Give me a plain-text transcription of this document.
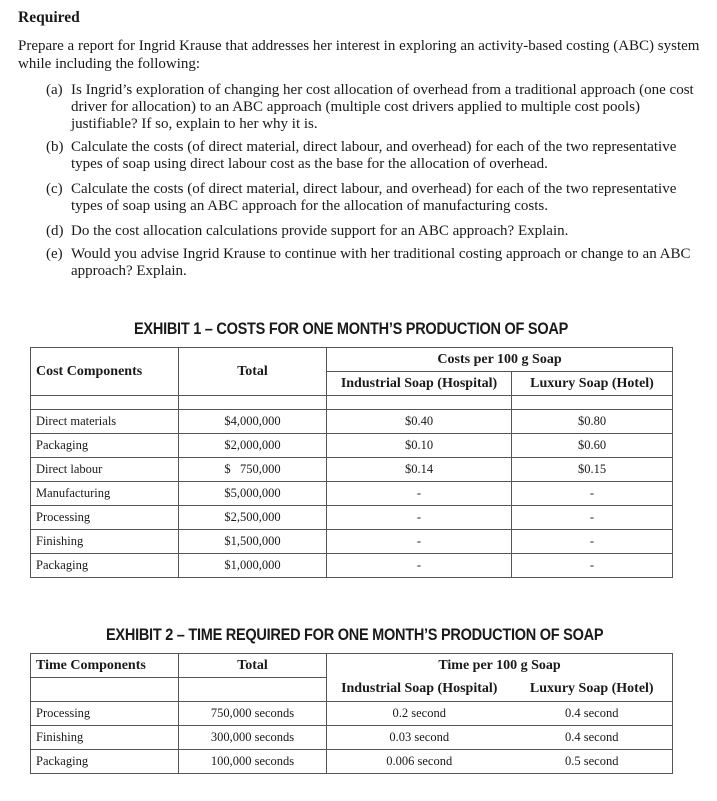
Required
Prepare a report for Ingrid Krause that addresses her interest in exploring an activity-based costing (ABC) system while including the following:
(a) Is Ingrid’s exploration of changing her cost allocation of overhead from a traditional approach (one cost driver for allocation) to an ABC approach (multiple cost drivers applied to multiple cost pools) justifiable? If so, explain to her why it is.
(b) Calculate the costs (of direct material, direct labour, and overhead) for each of the two representative types of soap using direct labour cost as the base for the allocation of overhead.
(c) Calculate the costs (of direct material, direct labour, and overhead) for each of the two representative types of soap using an ABC approach for the allocation of manufacturing costs.
(d) Do the cost allocation calculations provide support for an ABC approach? Explain.
(e) Would you advise Ingrid Krause to continue with her traditional costing approach or change to an ABC approach? Explain.
EXHIBIT 1 – COSTS FOR ONE MONTH’S PRODUCTION OF SOAP
Cost Components	Total	Costs per 100 g Soap	
		Industrial Soap (Hospital)	Luxury Soap (Hotel)

Direct materials	$4,000,000	$0.40	$0.80
Packaging	$2,000,000	$0.10	$0.60
Direct labour	$   750,000	$0.14	$0.15
Manufacturing	$5,000,000	-	-
Processing	$2,500,000	-	-
Finishing	$1,500,000	-	-
Packaging	$1,000,000	-	-
EXHIBIT 2 – TIME REQUIRED FOR ONE MONTH’S PRODUCTION OF SOAP
Time Components	Total	Time per 100 g Soap	
		Industrial Soap (Hospital)	Luxury Soap (Hotel)
Processing	750,000 seconds	0.2 second	0.4 second
Finishing	300,000 seconds	0.03 second	0.4 second
Packaging	100,000 seconds	0.006 second	0.5 second
